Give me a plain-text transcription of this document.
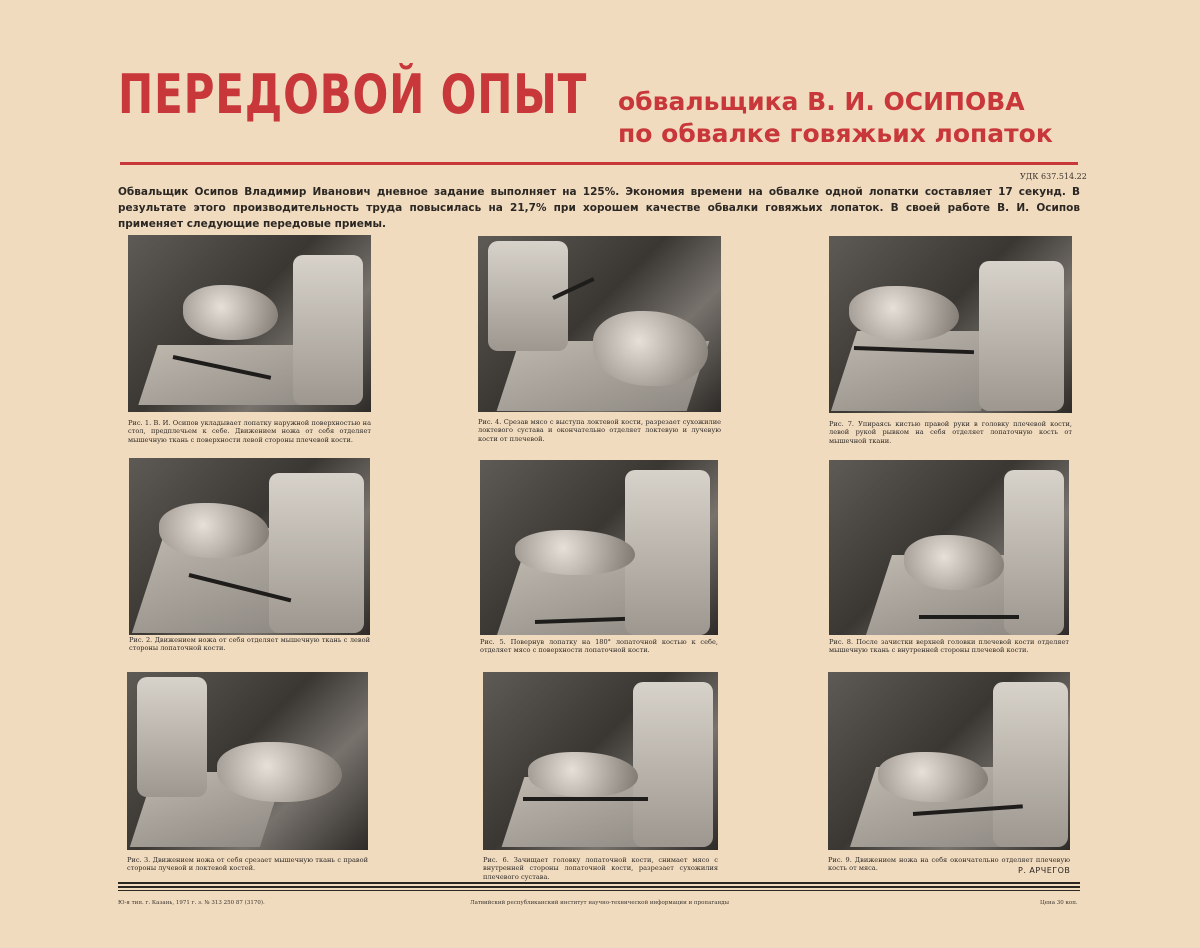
ПЕРЕДОВОЙ ОПЫТ обвальщика В. И. ОСИПОВА
по обвалке говяжьих лопаток
УДК 637.514.22
Обвальщик Осипов Владимир Иванович дневное задание выполняет на 125%. Экономия времени на обвалке одной лопатки составляет 17 секунд. В результате этого производительность труда повысилась на 21,7% при хорошем качестве обвалки говяжьих лопаток. В своей работе В. И. Осипов применяет следующие передовые приемы.
Рис. 1. В. И. Осипов укладывает лопатку наружной поверхностью на стол, предплечьем к себе. Движением ножа от себя отделяет мышечную ткань с поверхности левой стороны плечевой кости.
Рис. 4. Срезав мясо с выступа локтевой кости, разрезает сухожилие локтевого сустава и окончательно отделяет локтевую и лучевую кости от плечевой.
Рис. 7. Упираясь кистью правой руки в головку плечевой кости, левой рукой рывком на себя отделяет лопаточную кость от мышечной ткани.
Рис. 2. Движением ножа от себя отделяет мышечную ткань с левой стороны лопаточной кости.
Рис. 5. Повернув лопатку на 180° лопаточной костью к себе, отделяет мясо с поверхности лопаточной кости.
Рис. 8. После зачистки верхней головки плечевой кости отделяет мышечную ткань с внутренней стороны плечевой кости.
Рис. 3. Движением ножа от себя срезает мышечную ткань с правой стороны лучевой и локтевой костей.
Рис. 6. Зачищает головку лопаточной кости, снимает мясо с внутренней стороны лопаточной кости, разрезает сухожилия плечевого сустава.
Рис. 9. Движением ножа на себя окончательно отделяет плечевую кость от мяса.	Р. АРЧЕГОВ
Ю-я тип. г. Казань, 1971 г. з. № 313 250 87 (3170).	Латвийский республиканский институт научно-технической информации и пропаганды	Цена 30 коп.
